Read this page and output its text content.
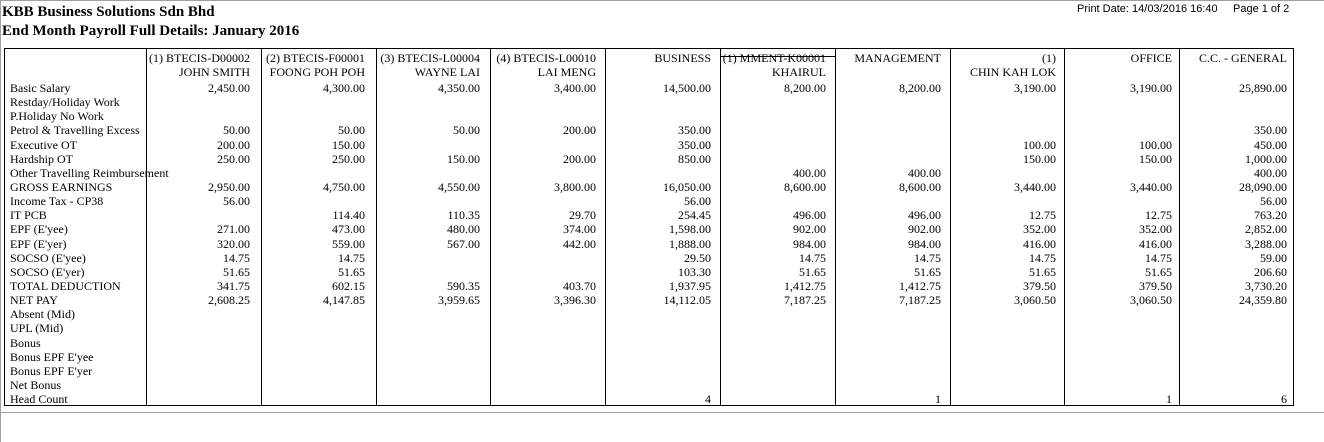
KBB Business Solutions Sdn Bhd
End Month Payroll Full Details: January 2016
Print Date: 14/03/2016 16:40 Page 1 of 2
Basic Salary
Restday/Holiday Work
P.Holiday No Work
Petrol & Travelling Excess
Executive OT
Hardship OT
Other Travelling Reimbursement
GROSS EARNINGS
Income Tax - CP38
IT PCB
EPF (E'yee)
EPF (E'yer)
SOCSO (E'yee)
SOCSO (E'yer)
TOTAL DEDUCTION
NET PAY
Absent (Mid)
UPL (Mid)
Bonus
Bonus EPF E'yee
Bonus EPF E'yer
Net Bonus
Head Count
(1) BTECIS-D00002
JOHN SMITH
2,450.00
50.00
200.00
250.00
2,950.00
56.00
271.00
320.00
14.75
51.65
341.75
2,608.25
(2) BTECIS-F00001
FOONG POH POH
4,300.00
50.00
150.00
250.00
4,750.00
114.40
473.00
559.00
14.75
51.65
602.15
4,147.85
(3) BTECIS-L00004
WAYNE LAI
4,350.00
50.00
150.00
4,550.00
110.35
480.00
567.00
590.35
3,959.65
(4) BTECIS-L00010
LAI MENG
3,400.00
200.00
200.00
3,800.00
29.70
374.00
442.00
403.70
3,396.30
BUSINESS
14,500.00
350.00
350.00
850.00
16,050.00
56.00
254.45
1,598.00
1,888.00
29.50
103.30
1,937.95
14,112.05
4
(1) MMENT-K00001
KHAIRUL
8,200.00
400.00
8,600.00
496.00
902.00
984.00
14.75
51.65
1,412.75
7,187.25
MANAGEMENT
8,200.00
400.00
8,600.00
496.00
902.00
984.00
14.75
51.65
1,412.75
7,187.25
1
(1)
CHIN KAH LOK
3,190.00
100.00
150.00
3,440.00
12.75
352.00
416.00
14.75
51.65
379.50
3,060.50
OFFICE
3,190.00
100.00
150.00
3,440.00
12.75
352.00
416.00
14.75
51.65
379.50
3,060.50
1
C.C. - GENERAL
25,890.00
350.00
450.00
1,000.00
400.00
28,090.00
56.00
763.20
2,852.00
3,288.00
59.00
206.60
3,730.20
24,359.80
6
